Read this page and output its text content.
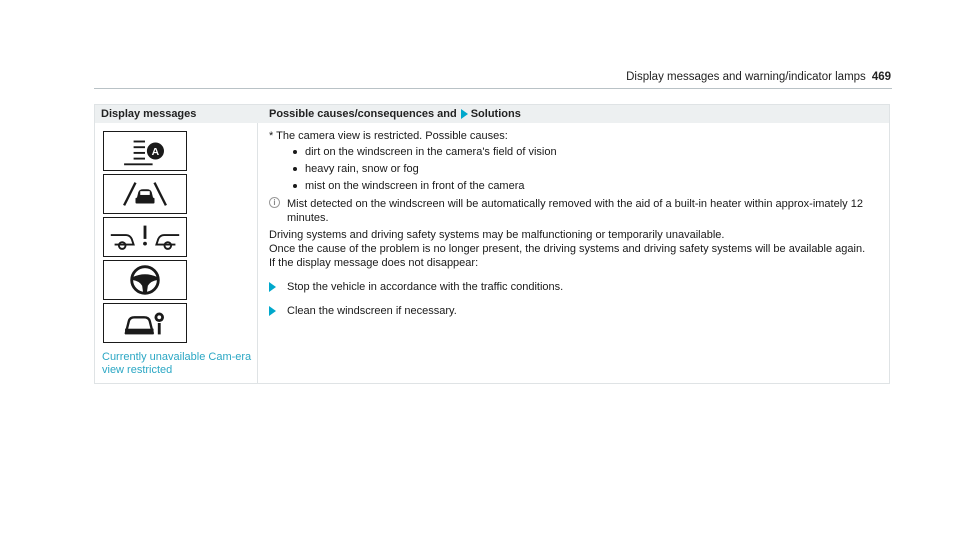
Display messages and warning/indicator lamps 469
Display messages	Possible causes/consequences and Solutions
A
Currently unavailable Cam-era view restricted

* The camera view is restricted. Possible causes:

dirt on the windscreen in the camera's field of vision
heavy rain, snow or fog
mist on the windscreen in front of the camera
i	Mist detected on the windscreen will be automatically removed with the aid of a built-in heater within approx-imately 12 minutes.

Driving systems and driving safety systems may be malfunctioning or temporarily unavailable.

Once the cause of the problem is no longer present, the driving systems and driving safety systems will be available again.

If the display message does not disappear:

Stop the vehicle in accordance with the traffic conditions.
Clean the windscreen if necessary.
